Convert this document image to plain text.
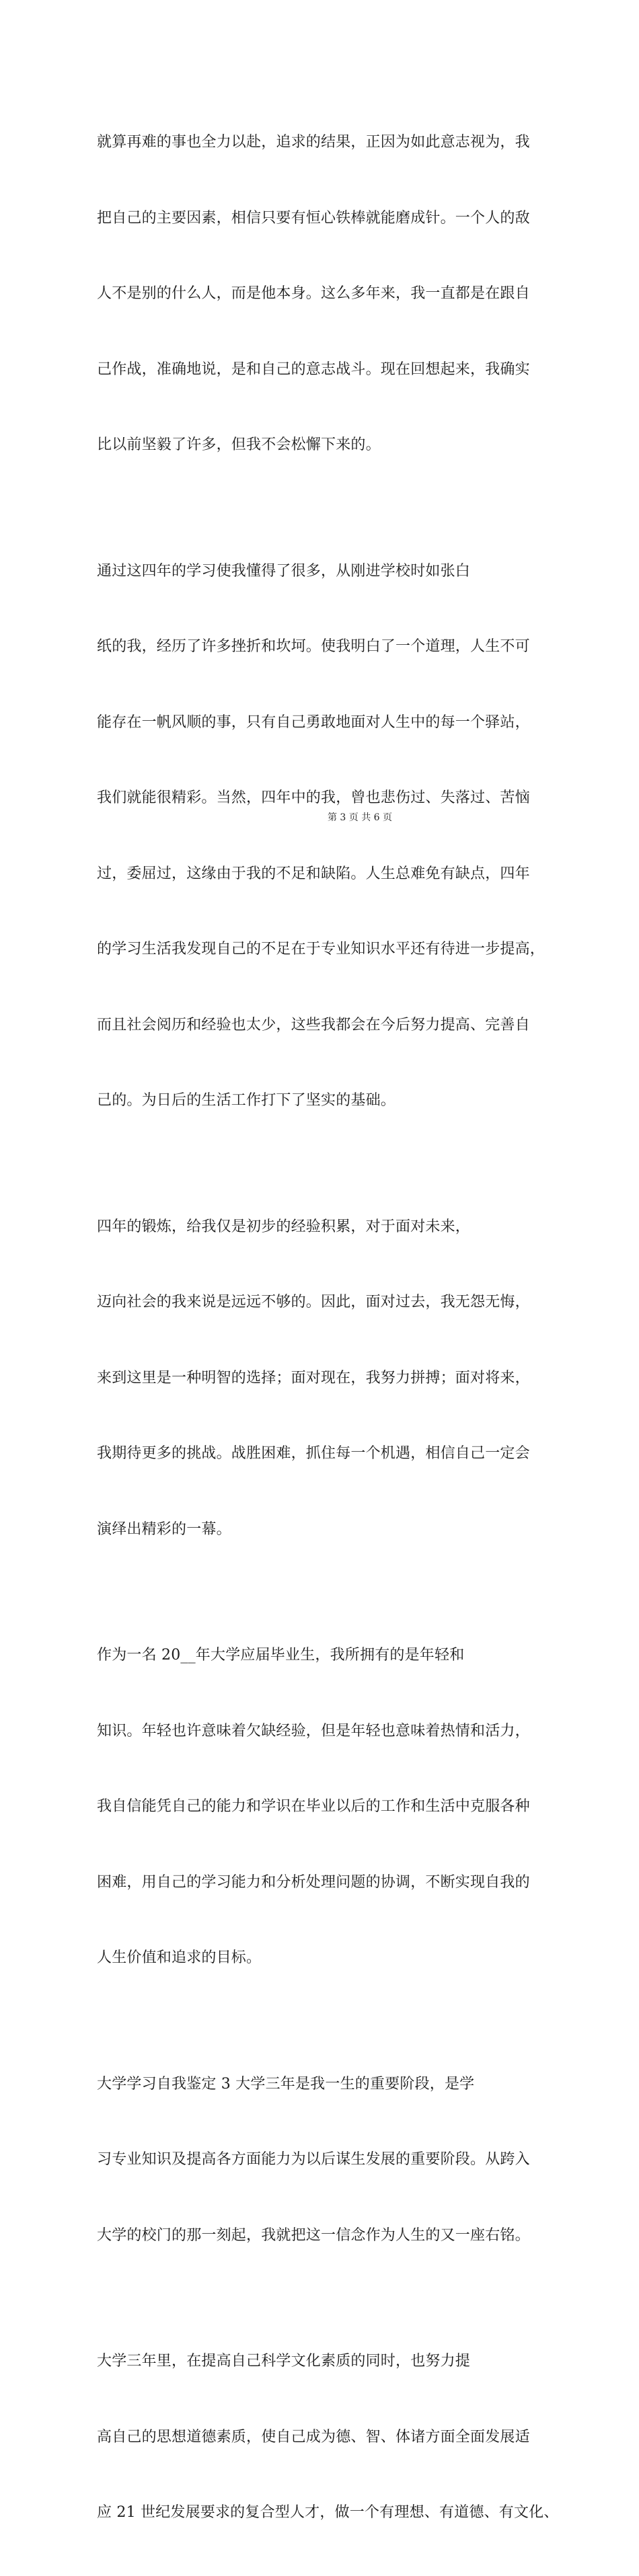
就算再难的事也全力以赴，追求的结果，正因为如此意志视为，我

把自己的主要因素，相信只要有恒心铁棒就能磨成针。一个人的敌

人不是别的什么人，而是他本身。这么多年来，我一直都是在跟自

己作战，准确地说，是和自己的意志战斗。现在回想起来，我确实

比以前坚毅了许多，但我不会松懈下来的。

通过这四年的学习使我懂得了很多，从刚进学校时如张白

纸的我，经历了许多挫折和坎坷。使我明白了一个道理，人生不可

能存在一帆风顺的事，只有自己勇敢地面对人生中的每一个驿站，

我们就能很精彩。当然，四年中的我，曾也悲伤过、失落过、苦恼

过，委屈过，这缘由于我的不足和缺陷。人生总难免有缺点，四年

的学习生活我发现自己的不足在于专业知识水平还有待进一步提高，

而且社会阅历和经验也太少，这些我都会在今后努力提高、完善自

己的。为日后的生活工作打下了坚实的基础。

四年的锻炼，给我仅是初步的经验积累，对于面对未来，

迈向社会的我来说是远远不够的。因此，面对过去，我无怨无悔，

来到这里是一种明智的选择；面对现在，我努力拼搏；面对将来，

我期待更多的挑战。战胜困难，抓住每一个机遇，相信自己一定会

演绎出精彩的一幕。

作为一名 20__年大学应届毕业生，我所拥有的是年轻和

知识。年轻也许意味着欠缺经验，但是年轻也意味着热情和活力，

我自信能凭自己的能力和学识在毕业以后的工作和生活中克服各种

困难，用自己的学习能力和分析处理问题的协调，不断实现自我的

人生价值和追求的目标。

大学学习自我鉴定 3 大学三年是我一生的重要阶段，是学

习专业知识及提高各方面能力为以后谋生发展的重要阶段。从跨入

大学的校门的那一刻起，我就把这一信念作为人生的又一座右铭。

大学三年里，在提高自己科学文化素质的同时，也努力提

高自己的思想道德素质，使自己成为德、智、体诸方面全面发展适

应 21 世纪发展要求的复合型人才，做一个有理想、有道德、有文化、

第 3 页 共 6 页
